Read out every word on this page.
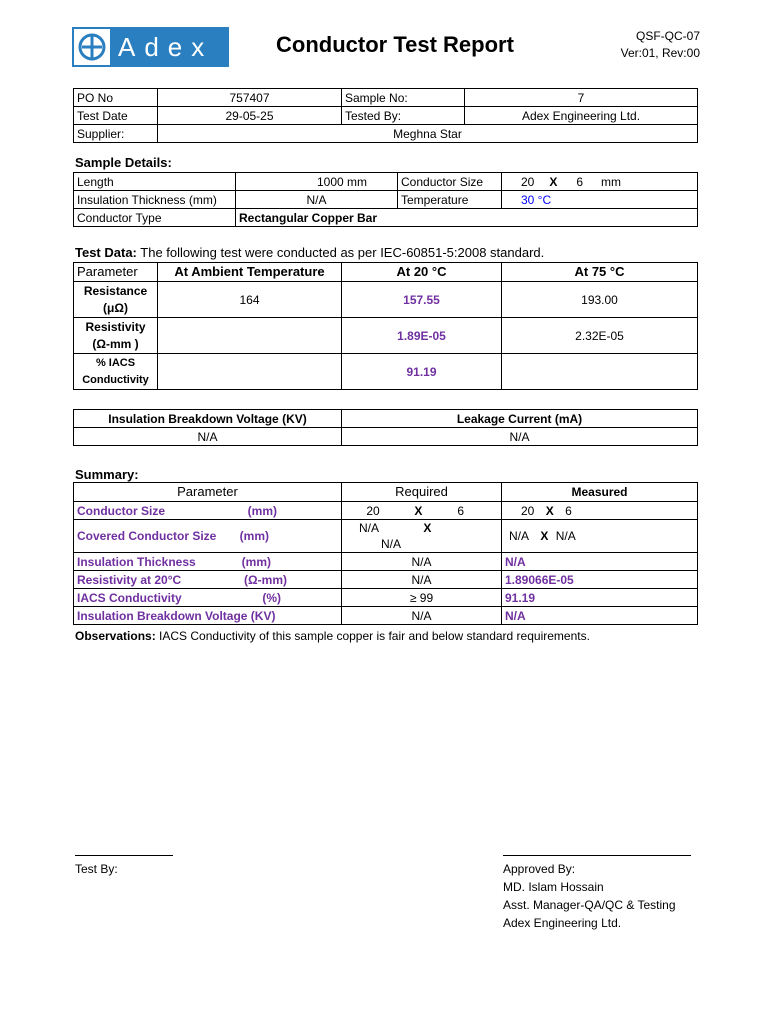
Adex	Conductor Test Report	QSF-QC-07
Ver:01, Rev:00
PO No	757407	Sample No:	7
Test Date	29-05-25	Tested By:	Adex Engineering Ltd.
Supplier:	Meghna Star		
Sample Details:
Length	1000 mm	Conductor Size	20 X 6 mm
Insulation Thickness (mm)	N/A	Temperature	30 °C
Conductor Type	Rectangular Copper Bar		
Test Data: The following test were conducted as per IEC-60851-5:2008 standard.
Parameter	At Ambient Temperature	At 20 °C	At 75 °C

Resistance
(μΩ)	164	157.55	193.00

Resistivity
(Ω-mm )		1.89E-05	2.32E-05

% IACS
Conductivity		91.19	
Insulation Breakdown Voltage (KV)	Leakage Current (mA)
N/A	N/A
Summary:
Parameter	Required	Measured

Conductor Size (mm)	20 X 6	20 X 6

Covered Conductor Size (mm)	N/A X N/A	N/A X N/A

Insulation Thickness (mm)	N/A	N/A

Resistivity at 20°C (Ω-mm)	N/A	1.89066E-05

IACS Conductivity (%)	≥ 99	91.19

Insulation Breakdown Voltage (KV)	N/A	N/A
Observations: IACS Conductivity of this sample copper is fair and below standard requirements.
Test By:	Approved By:
MD. Islam Hossain
Asst. Manager-QA/QC & Testing
Adex Engineering Ltd.
